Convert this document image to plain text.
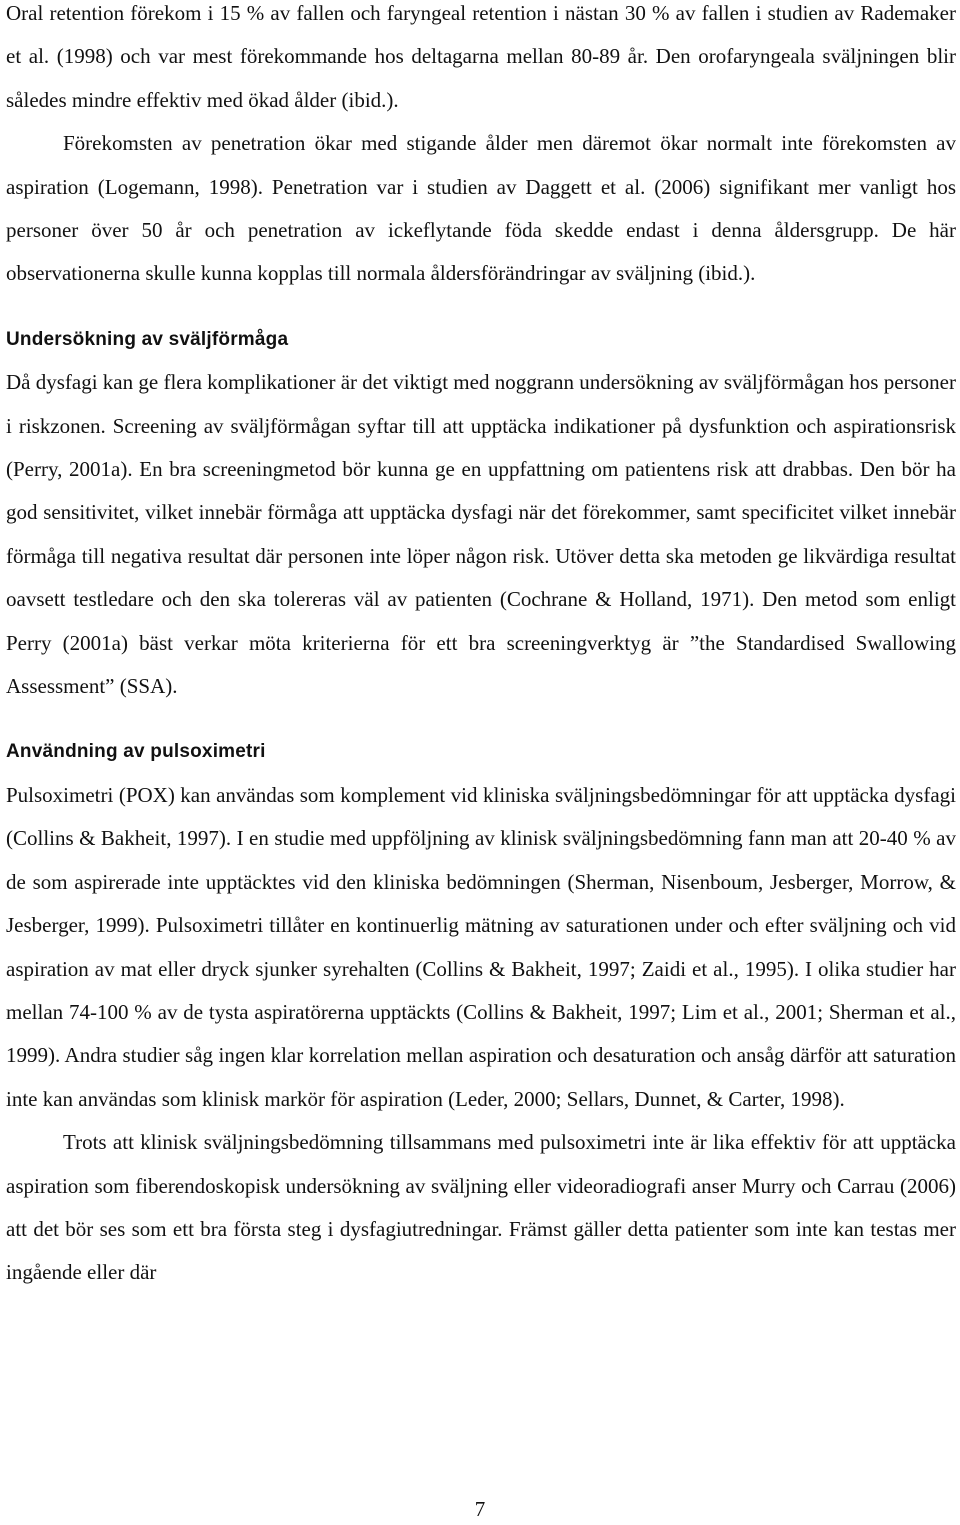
Oral retention förekom i 15 % av fallen och faryngeal retention i nästan 30 % av fallen i studien av Rademaker et al. (1998) och var mest förekommande hos deltagarna mellan 80-89 år. Den orofaryngeala sväljningen blir således mindre effektiv med ökad ålder (ibid.).

Förekomsten av penetration ökar med stigande ålder men däremot ökar normalt inte förekomsten av aspiration (Logemann, 1998). Penetration var i studien av Daggett et al. (2006) signifikant mer vanligt hos personer över 50 år och penetration av ickeflytande föda skedde endast i denna åldersgrupp. De här observationerna skulle kunna kopplas till normala åldersförändringar av sväljning (ibid.).

Undersökning av sväljförmåga

Då dysfagi kan ge flera komplikationer är det viktigt med noggrann undersökning av sväljförmågan hos personer i riskzonen. Screening av sväljförmågan syftar till att upptäcka indikationer på dysfunktion och aspirationsrisk (Perry, 2001a). En bra screeningmetod bör kunna ge en uppfattning om patientens risk att drabbas. Den bör ha god sensitivitet, vilket innebär förmåga att upptäcka dysfagi när det förekommer, samt specificitet vilket innebär förmåga till negativa resultat där personen inte löper någon risk. Utöver detta ska metoden ge likvärdiga resultat oavsett testledare och den ska tolereras väl av patienten (Cochrane & Holland, 1971). Den metod som enligt Perry (2001a) bäst verkar möta kriterierna för ett bra screeningverktyg är ”the Standardised Swallowing Assessment” (SSA).

Användning av pulsoximetri

Pulsoximetri (POX) kan användas som komplement vid kliniska sväljningsbedömningar för att upptäcka dysfagi (Collins & Bakheit, 1997). I en studie med uppföljning av klinisk sväljningsbedömning fann man att 20-40 % av de som aspirerade inte upptäcktes vid den kliniska bedömningen (Sherman, Nisenboum, Jesberger, Morrow, & Jesberger, 1999). Pulsoximetri tillåter en kontinuerlig mätning av saturationen under och efter sväljning och vid aspiration av mat eller dryck sjunker syrehalten (Collins & Bakheit, 1997; Zaidi et al., 1995). I olika studier har mellan 74-100 % av de tysta aspiratörerna upptäckts (Collins & Bakheit, 1997; Lim et al., 2001; Sherman et al., 1999). Andra studier såg ingen klar korrelation mellan aspiration och desaturation och ansåg därför att saturation inte kan användas som klinisk markör för aspiration (Leder, 2000; Sellars, Dunnet, & Carter, 1998).

Trots att klinisk sväljningsbedömning tillsammans med pulsoximetri inte är lika effektiv för att upptäcka aspiration som fiberendoskopisk undersökning av sväljning eller videoradiografi anser Murry och Carrau (2006) att det bör ses som ett bra första steg i dysfagiutredningar. Främst gäller detta patienter som inte kan testas mer ingående eller där

7
